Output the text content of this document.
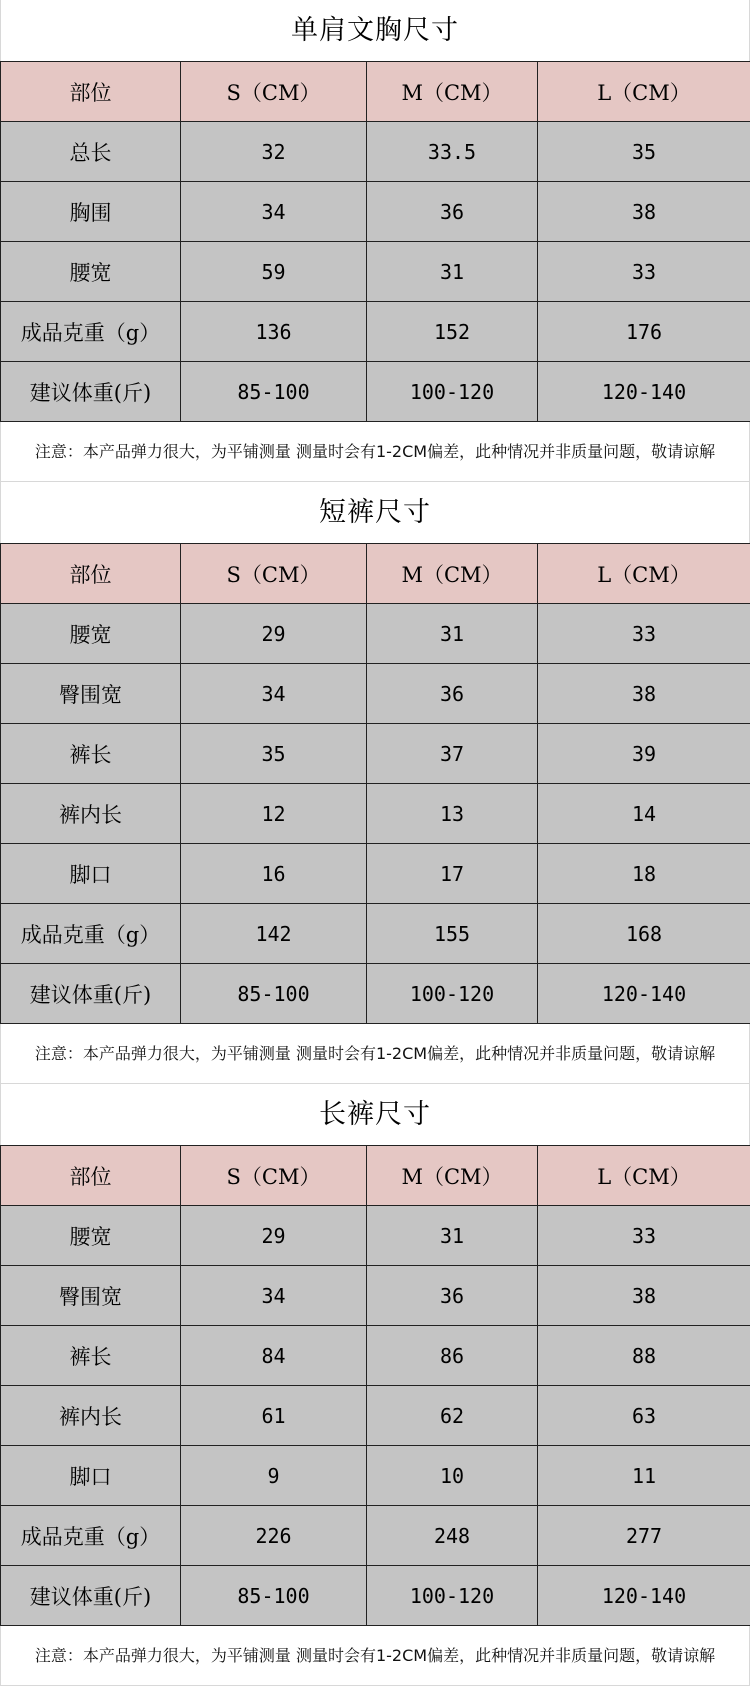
单肩文胸尺寸
部位	S（CM）	M（CM）	L（CM）
总长	32	33.5	35
胸围	34	36	38
腰宽	59	31	33
成品克重（g）	136	152	176
建议体重(斤)	85-100	100-120	120-140
注意：本产品弹力很大，为平铺测量 测量时会有1-2CM偏差，此种情况并非质量问题，敬请谅解
短裤尺寸
部位	S（CM）	M（CM）	L（CM）
腰宽	29	31	33
臀围宽	34	36	38
裤长	35	37	39
裤内长	12	13	14
脚口	16	17	18
成品克重（g）	142	155	168
建议体重(斤)	85-100	100-120	120-140
注意：本产品弹力很大，为平铺测量 测量时会有1-2CM偏差，此种情况并非质量问题，敬请谅解
长裤尺寸
部位	S（CM）	M（CM）	L（CM）
腰宽	29	31	33
臀围宽	34	36	38
裤长	84	86	88
裤内长	61	62	63
脚口	9	10	11
成品克重（g）	226	248	277
建议体重(斤)	85-100	100-120	120-140
注意：本产品弹力很大，为平铺测量 测量时会有1-2CM偏差，此种情况并非质量问题，敬请谅解
